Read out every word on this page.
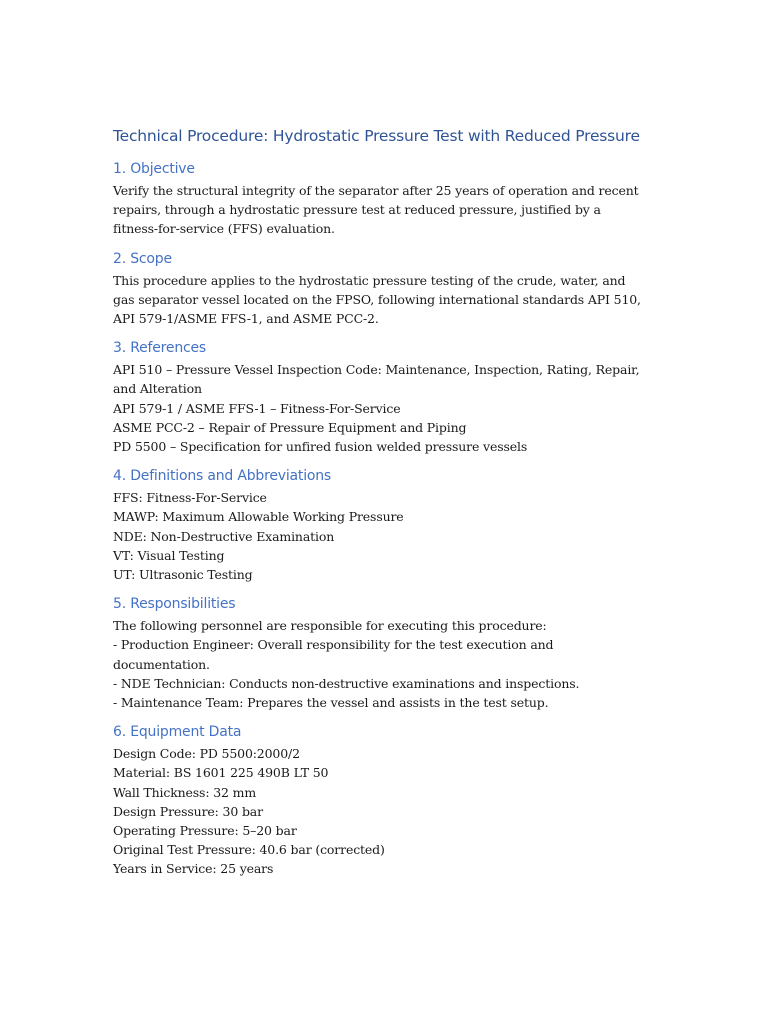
Technical Procedure: Hydrostatic Pressure Test with Reduced Pressure
1. Objective

Verify the structural integrity of the separator after 25 years of operation and recent repairs, through a hydrostatic pressure test at reduced pressure, justified by a fitness-for-service (FFS) evaluation.

2. Scope

This procedure applies to the hydrostatic pressure testing of the crude, water, and gas separator vessel located on the FPSO, following international standards API 510, API 579-1/ASME FFS-1, and ASME PCC-2.

3. References
API 510 – Pressure Vessel Inspection Code: Maintenance, Inspection, Rating, Repair, and Alteration
API 579-1 / ASME FFS-1 – Fitness-For-Service
ASME PCC-2 – Repair of Pressure Equipment and Piping
PD 5500 – Specification for unfired fusion welded pressure vessels
4. Definitions and Abbreviations
FFS: Fitness-For-Service
MAWP: Maximum Allowable Working Pressure
NDE: Non-Destructive Examination
VT: Visual Testing
UT: Ultrasonic Testing
5. Responsibilities
The following personnel are responsible for executing this procedure:
- Production Engineer: Overall responsibility for the test execution and documentation.
- NDE Technician: Conducts non-destructive examinations and inspections.
- Maintenance Team: Prepares the vessel and assists in the test setup.
6. Equipment Data
Design Code: PD 5500:2000/2
Material: BS 1601 225 490B LT 50
Wall Thickness: 32 mm
Design Pressure: 30 bar
Operating Pressure: 5–20 bar
Original Test Pressure: 40.6 bar (corrected)
Years in Service: 25 years
